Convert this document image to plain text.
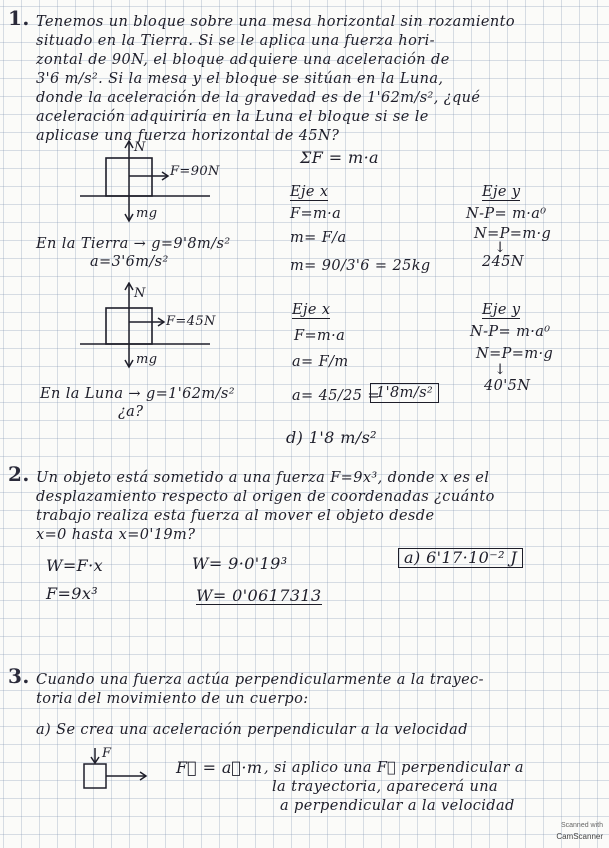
1. Tenemos un bloque sobre una mesa horizontal sin rozamiento
situado en la Tierra. Si se le aplica una fuerza hori-
zontal de 90N, el bloque adquiere una aceleración de
3'6 m/s². Si la mesa y el bloque se sitúan en la Luna,
donde la aceleración de la gravedad es de 1'62m/s², ¿qué
aceleración adquiriría en la Luna el bloque si se le
aplicase una fuerza horizontal de 45N?
N
F=90N
mg
En la Tierra → g=9'8m/s²
a=3'6m/s²
ΣF = m·a
Eje x
F=m·a
m= F/a
m= 90/3'6 = 25kg
Eje y
N-P= m·a⁰
N=P=m·g
↓
245N
N
F=45N
mg
En la Luna → g=1'62m/s²
¿a?
Eje x
F=m·a
a= F/m
a= 45/25 =
1'8m/s²
Eje y
N-P= m·a⁰
N=P=m·g
↓
40'5N
d) 1'8 m/s²
2. Un objeto está sometido a una fuerza F=9x³, donde x es el
desplazamiento respecto al origen de coordenadas ¿cuánto
trabajo realiza esta fuerza al mover el objeto desde
x=0 hasta x=0'19m?
W=F·x	W= 9·0'19³	a) 6'17·10⁻² J
F=9x³	W= 0'0617313
3. Cuando una fuerza actúa perpendicularmente a la trayec-
toria del movimiento de un cuerpo:
a) Se crea una aceleración perpendicular a la velocidad
F
F⃗ = a⃗·m , si aplico una F⃗ perpendicular a
la trayectoria, aparecerá una
a perpendicular a la velocidad
Scanned with
CamScanner
